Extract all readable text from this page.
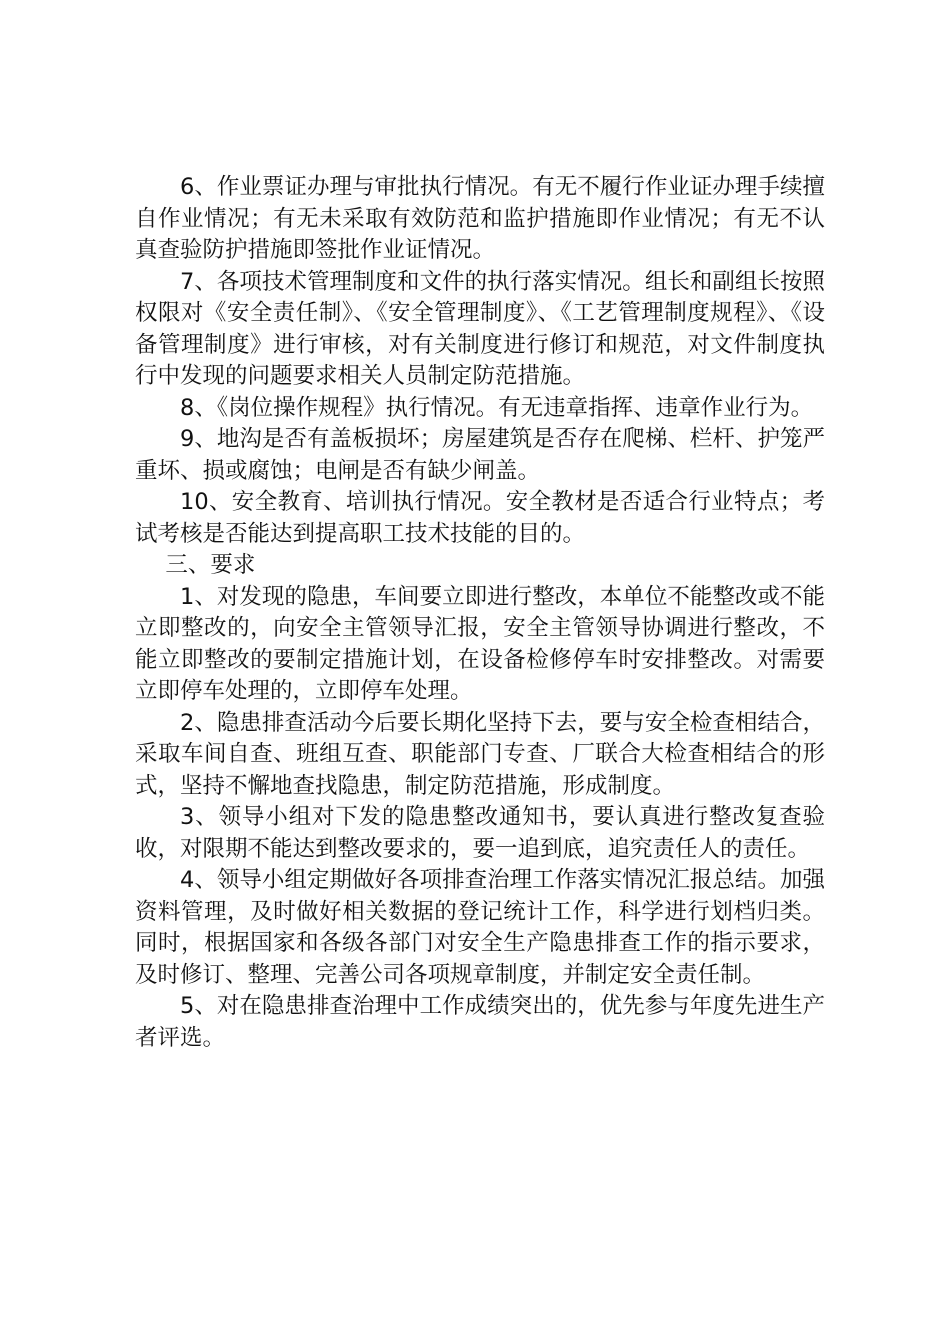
6、作业票证办理与审批执行情况。有无不履行作业证办理手续擅自作业情况；有无未采取有效防范和监护措施即作业情况；有无不认真查验防护措施即签批作业证情况。

7、各项技术管理制度和文件的执行落实情况。组长和副组长按照权限对《安全责任制》、《安全管理制度》、《工艺管理制度规程》、《设备管理制度》进行审核，对有关制度进行修订和规范，对文件制度执行中发现的问题要求相关人员制定防范措施。

8、《岗位操作规程》执行情况。有无违章指挥、违章作业行为。

9、地沟是否有盖板损坏；房屋建筑是否存在爬梯、栏杆、护笼严重坏、损或腐蚀；电闸是否有缺少闸盖。

10、安全教育、培训执行情况。安全教材是否适合行业特点；考试考核是否能达到提高职工技术技能的目的。

三、要求

1、对发现的隐患，车间要立即进行整改，本单位不能整改或不能立即整改的，向安全主管领导汇报，安全主管领导协调进行整改，不能立即整改的要制定措施计划，在设备检修停车时安排整改。对需要立即停车处理的，立即停车处理。

2、隐患排查活动今后要长期化坚持下去，要与安全检查相结合，采取车间自查、班组互查、职能部门专查、厂联合大检查相结合的形式，坚持不懈地查找隐患，制定防范措施，形成制度。

3、领导小组对下发的隐患整改通知书，要认真进行整改复查验收，对限期不能达到整改要求的，要一追到底，追究责任人的责任。

4、领导小组定期做好各项排查治理工作落实情况汇报总结。加强资料管理，及时做好相关数据的登记统计工作，科学进行划档归类。同时，根据国家和各级各部门对安全生产隐患排查工作的指示要求，及时修订、整理、完善公司各项规章制度，并制定安全责任制。

5、对在隐患排查治理中工作成绩突出的，优先参与年度先进生产者评选。
